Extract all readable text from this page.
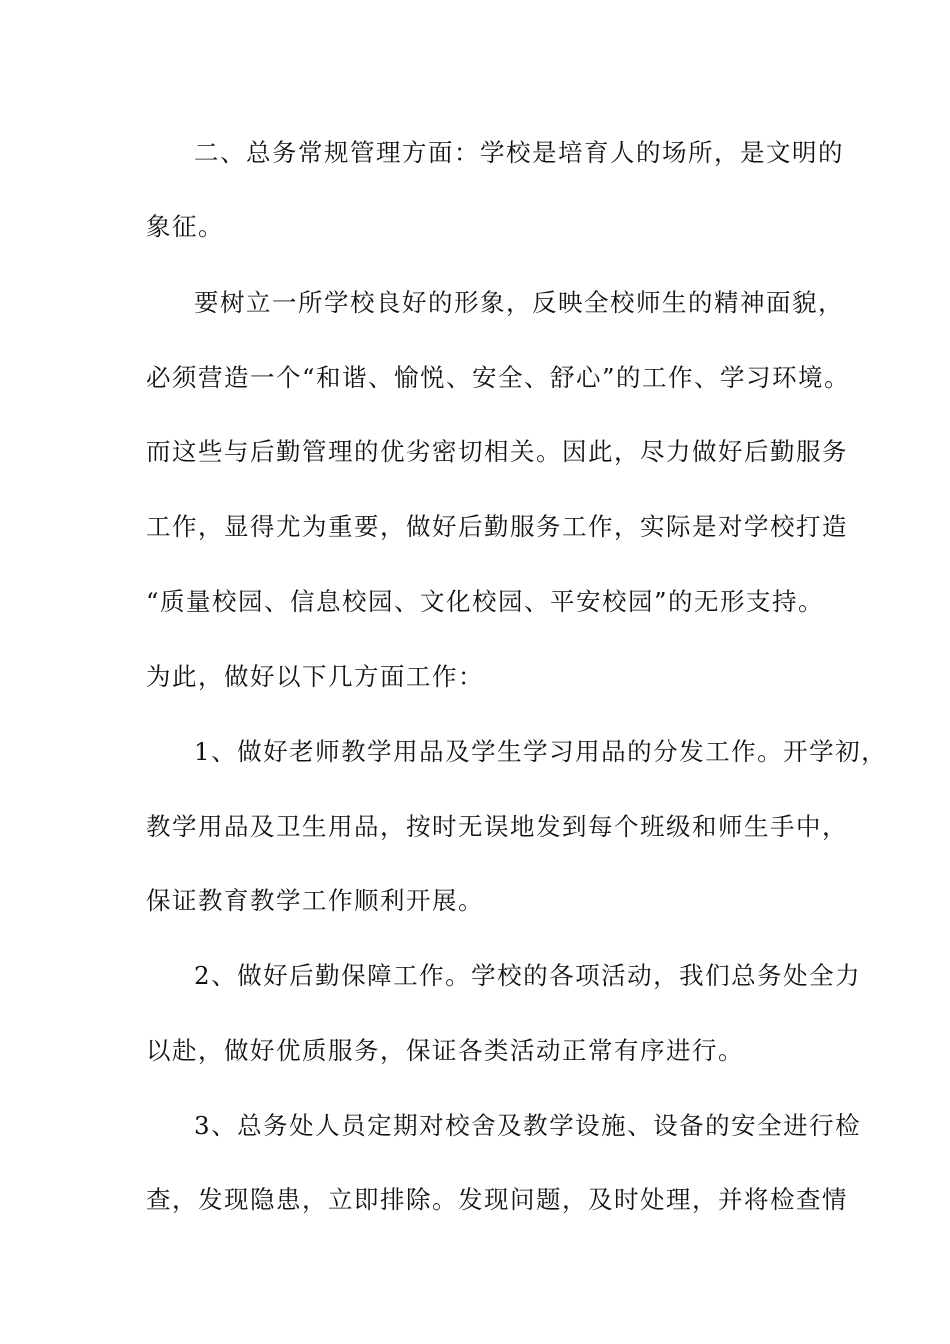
二、总务常规管理方面：学校是培育人的场所，是文明的
象征。
要树立一所学校良好的形象，反映全校师生的精神面貌，
必须营造一个“和谐、愉悦、安全、舒心”的工作、学习环境。
而这些与后勤管理的优劣密切相关。因此，尽力做好后勤服务
工作，显得尤为重要，做好后勤服务工作，实际是对学校打造
“质量校园、信息校园、文化校园、平安校园”的无形支持。
为此，做好以下几方面工作：
1、做好老师教学用品及学生学习用品的分发工作。开学初，
教学用品及卫生用品，按时无误地发到每个班级和师生手中，
保证教育教学工作顺利开展。
2、做好后勤保障工作。学校的各项活动，我们总务处全力
以赴，做好优质服务，保证各类活动正常有序进行。
3、总务处人员定期对校舍及教学设施、设备的安全进行检
查，发现隐患，立即排除。发现问题，及时处理，并将检查情
